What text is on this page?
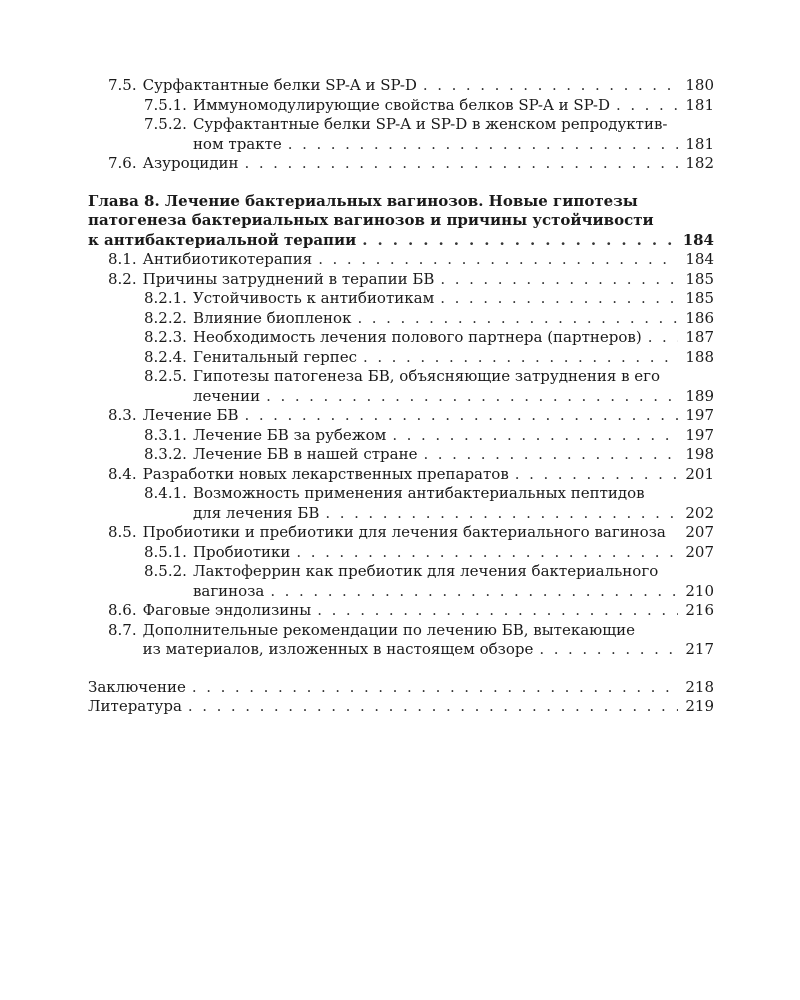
7.5. Сурфактантные белки SP-A и SP-D . . .	180
7.5.1. Иммуномодулирующие свойства белков SP-A и SP-D . . .	181
7.5.2. Сурфактантные белки SP-A и SP-D в женском репродуктив-
ном тракте . . .	181
7.6. Азуроцидин . . .	182
Глава 8. Лечение бактериальных вагинозов. Новые гипотезы
патогенеза бактериальных вагинозов и причины устойчивости
к антибактериальной терапии . . .	184
8.1. Антибиотикотерапия . . .	184
8.2. Причины затруднений в терапии БВ . . .	185
8.2.1. Устойчивость к антибиотикам . . .	185
8.2.2. Влияние биопленок . . .	186
8.2.3. Необходимость лечения полового партнера (партнеров) . . .	187
8.2.4. Генитальный герпес . . .	188
8.2.5. Гипотезы патогенеза БВ, объясняющие затруднения в его
лечении . . .	189
8.3. Лечение БВ . . .	197
8.3.1. Лечение БВ за рубежом . . .	197
8.3.2. Лечение БВ в нашей стране . . .	198
8.4. Разработки новых лекарственных препаратов . . .	201
8.4.1. Возможность применения антибактериальных пептидов
для лечения БВ . . .	202
8.5. Пробиотики и пребиотики для лечения бактериального вагиноза 207
8.5.1. Пробиотики . . .	207
8.5.2. Лактоферрин как пребиотик для лечения бактериального
вагиноза . . .	210
8.6. Фаговые эндолизины . . .	216
8.7. Дополнительные рекомендации по лечению БВ, вытекающие
из материалов, изложенных в настоящем обзоре . . .	217
Заключение . . .	218
Литература . . .	219
